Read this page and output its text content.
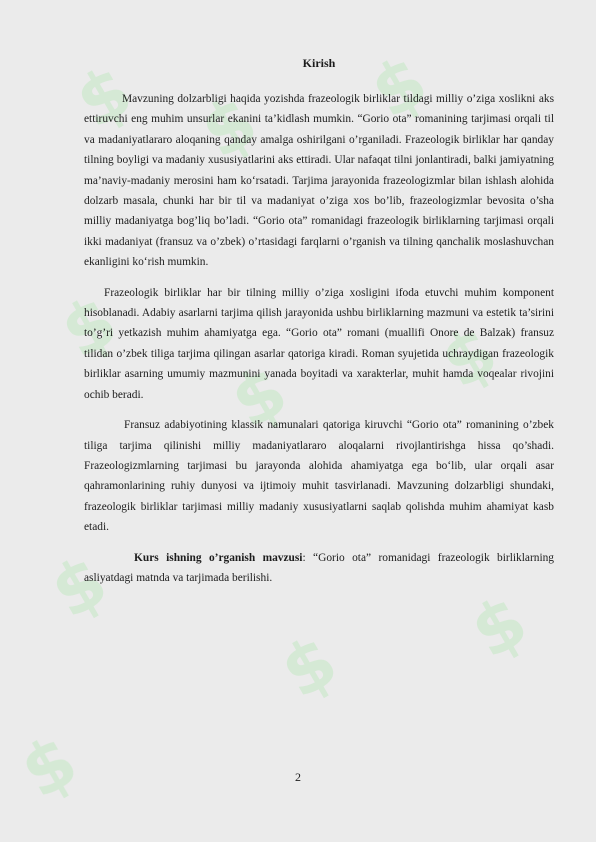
$ $ $
$
$ $
$
$ $
$
Kirish

Mavzuning dolzarbligi haqida yozishda frazeologik birliklar tildagi milliy o’ziga xoslikni aks ettiruvchi eng muhim unsurlar ekanini ta’kidlash mumkin. “Gorio ota” romanining tarjimasi orqali til va madaniyatlararo aloqaning qanday amalga oshirilgani o’rganiladi. Frazeologik birliklar har qanday tilning boyligi va madaniy xususiyatlarini aks ettiradi. Ular nafaqat tilni jonlantiradi, balki jamiyatning ma’naviy-madaniy merosini ham ko‘rsatadi. Tarjima jarayonida frazeologizmlar bilan ishlash alohida dolzarb masala, chunki har bir til va madaniyat o’ziga xos bo’lib, frazeologizmlar bevosita o’sha milliy madaniyatga bog’liq bo’ladi. “Gorio ota” romanidagi frazeologik birliklarning tarjimasi orqali ikki madaniyat (fransuz va o’zbek) o’rtasidagi farqlarni o’rganish va tilning qanchalik moslashuvchan ekanligini ko‘rish mumkin.

Frazeologik birliklar har bir tilning milliy o’ziga xosligini ifoda etuvchi muhim komponent hisoblanadi. Adabiy asarlarni tarjima qilish jarayonida ushbu birliklarning mazmuni va estetik ta’sirini to’g’ri yetkazish muhim ahamiyatga ega. “Gorio ota” romani (muallifi Onore de Balzak) fransuz tilidan o’zbek tiliga tarjima qilingan asarlar qatoriga kiradi. Roman syujetida uchraydigan frazeologik birliklar asarning umumiy mazmunini yanada boyitadi va xarakterlar, muhit hamda voqealar rivojini ochib beradi.

Fransuz adabiyotining klassik namunalari qatoriga kiruvchi “Gorio ota” romanining o’zbek tiliga tarjima qilinishi milliy madaniyatlararo aloqalarni rivojlantirishga hissa qo’shadi. Frazeologizmlarning tarjimasi bu jarayonda alohida ahamiyatga ega bo‘lib, ular orqali asar qahramonlarining ruhiy dunyosi va ijtimoiy muhit tasvirlanadi. Mavzuning dolzarbligi shundaki, frazeologik birliklar tarjimasi milliy madaniy xususiyatlarni saqlab qolishda muhim ahamiyat kasb etadi.

Kurs ishning o’rganish mavzusi: “Gorio ota” romanidagi frazeologik birliklarning asliyatdagi matnda va tarjimada berilishi.

2
